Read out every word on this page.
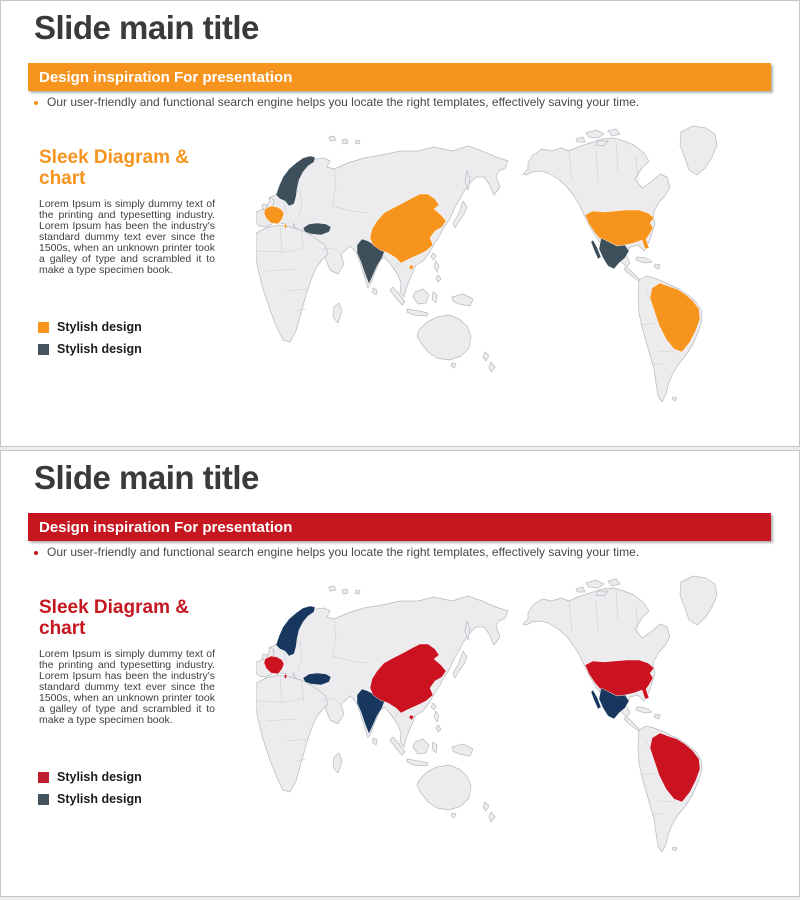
Slide main title
Design inspiration For presentation
Our user-friendly and functional search engine helps you locate the right templates, effectively saving your time.
Sleek Diagram & chart

Lorem Ipsum is simply dummy text of the printing and typesetting industry. Lorem Ipsum has been the industry's standard dummy text ever since the 1500s, when an unknown printer took a galley of type and scrambled it to make a type specimen book.

Stylish design
Stylish design
Slide main title
Design inspiration For presentation
Our user-friendly and functional search engine helps you locate the right templates, effectively saving your time.
Sleek Diagram & chart

Lorem Ipsum is simply dummy text of the printing and typesetting industry. Lorem Ipsum has been the industry's standard dummy text ever since the 1500s, when an unknown printer took a galley of type and scrambled it to make a type specimen book.

Stylish design
Stylish design
